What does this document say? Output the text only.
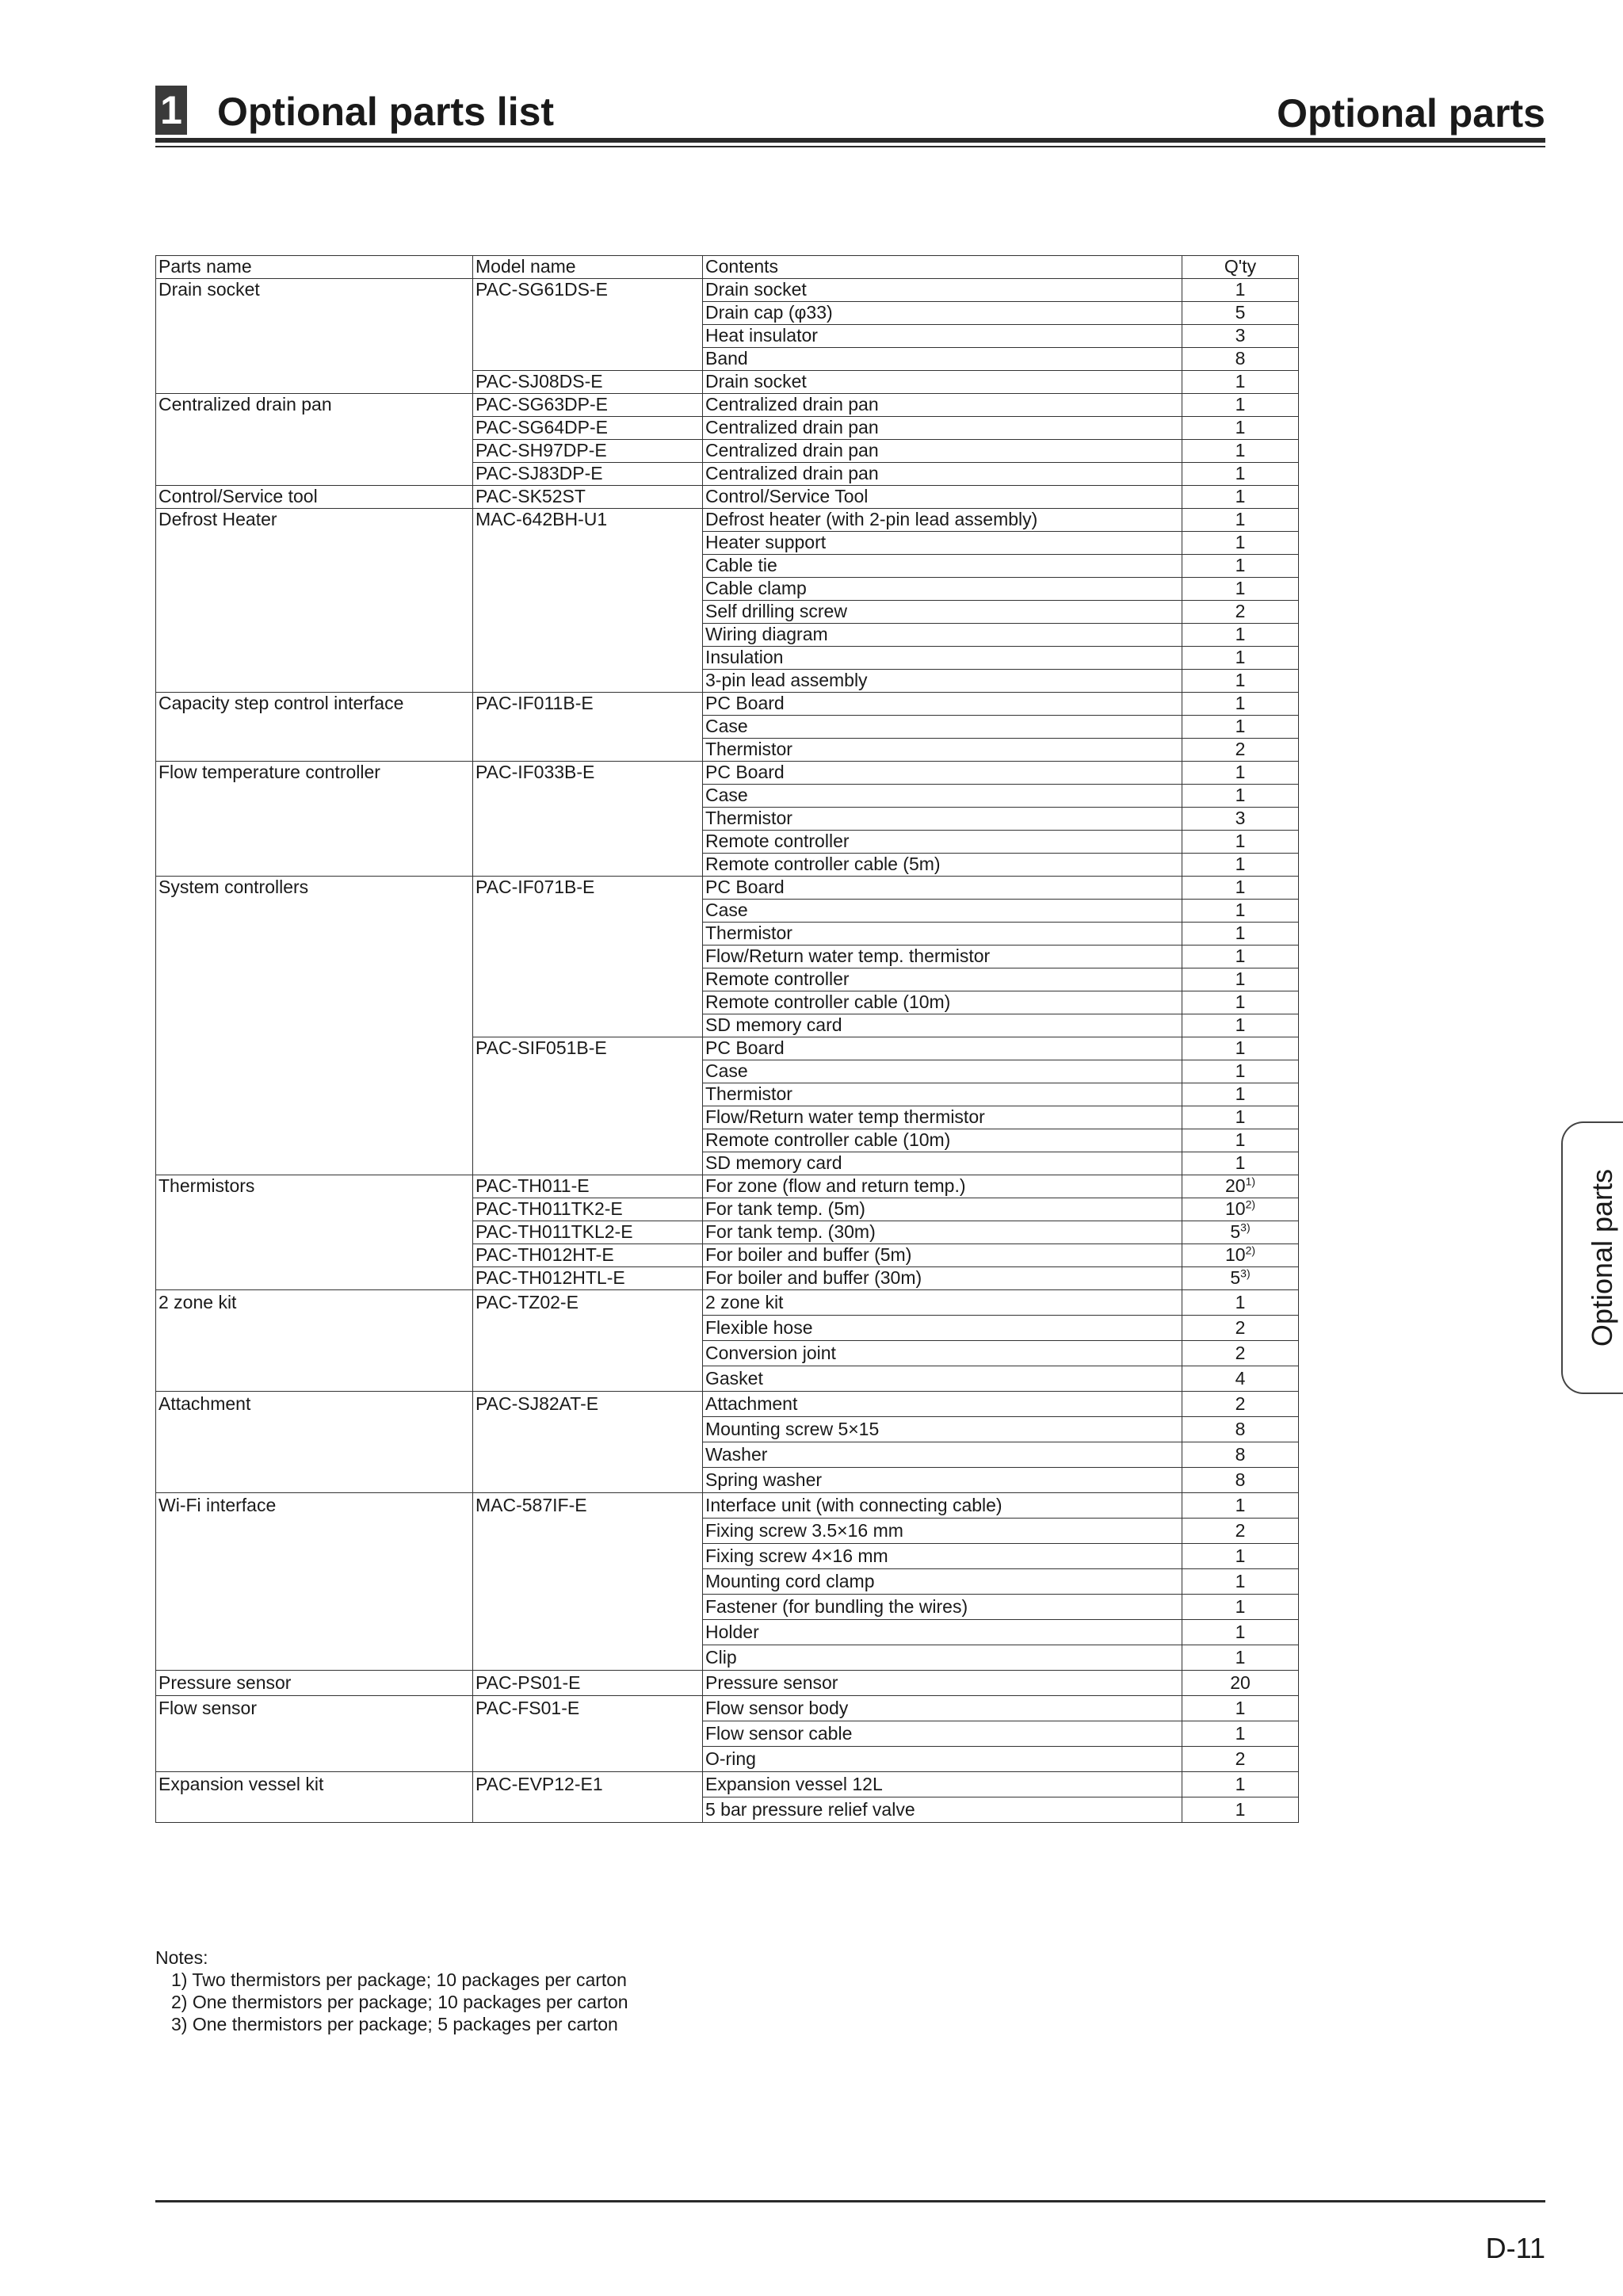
1 Optional parts list	Optional parts
Parts name	Model name	Contents	Q'ty
Drain socket	PAC-SG61DS-E	Drain socket	1
		Drain cap (φ33)	5
		Heat insulator	3
		Band	8
	PAC-SJ08DS-E	Drain socket	1
Centralized drain pan	PAC-SG63DP-E	Centralized drain pan	1
	PAC-SG64DP-E	Centralized drain pan	1
	PAC-SH97DP-E	Centralized drain pan	1
	PAC-SJ83DP-E	Centralized drain pan	1
Control/Service tool	PAC-SK52ST	Control/Service Tool	1
Defrost Heater	MAC-642BH-U1	Defrost heater (with 2-pin lead assembly)	1
		Heater support	1
		Cable tie	1
		Cable clamp	1
		Self drilling screw	2
		Wiring diagram	1
		Insulation	1
		3-pin lead assembly	1
Capacity step control interface	PAC-IF011B-E	PC Board	1
		Case	1
		Thermistor	2
Flow temperature controller	PAC-IF033B-E	PC Board	1
		Case	1
		Thermistor	3
		Remote controller	1
		Remote controller cable (5m)	1
System controllers	PAC-IF071B-E	PC Board	1
		Case	1
		Thermistor	1
		Flow/Return water temp. thermistor	1
		Remote controller	1
		Remote controller cable (10m)	1
		SD memory card	1
	PAC-SIF051B-E	PC Board	1
		Case	1
		Thermistor	1
		Flow/Return water temp thermistor	1
		Remote controller cable (10m)	1
		SD memory card	1
Thermistors	PAC-TH011-E	For zone (flow and return temp.)	20$^{1)}$
	PAC-TH011TK2-E	For tank temp. (5m)	10$^{2)}$
	PAC-TH011TKL2-E	For tank temp. (30m)	5$^{3)}$
	PAC-TH012HT-E	For boiler and buffer (5m)	10$^{2)}$
	PAC-TH012HTL-E	For boiler and buffer (30m)	5$^{3)}$
2 zone kit	PAC-TZ02-E	2 zone kit	1
		Flexible hose	2
		Conversion joint	2
		Gasket	4
Attachment	PAC-SJ82AT-E	Attachment	2
		Mounting screw 5×15	8
		Washer	8
		Spring washer	8
Wi-Fi interface	MAC-587IF-E	Interface unit (with connecting cable)	1
		Fixing screw 3.5×16 mm	2
		Fixing screw 4×16 mm	1
		Mounting cord clamp	1
		Fastener (for bundling the wires)	1
		Holder	1
		Clip	1
Pressure sensor	PAC-PS01-E	Pressure sensor	20
Flow sensor	PAC-FS01-E	Flow sensor body	1
		Flow sensor cable	1
		O-ring	2
Expansion vessel kit	PAC-EVP12-E1	Expansion vessel 12L	1
		5 bar pressure relief valve	1
Notes:
1) Two thermistors per package; 10 packages per carton
2) One thermistors per package; 10 packages per carton
3) One thermistors per package; 5 packages per carton
Optional parts
D-11
